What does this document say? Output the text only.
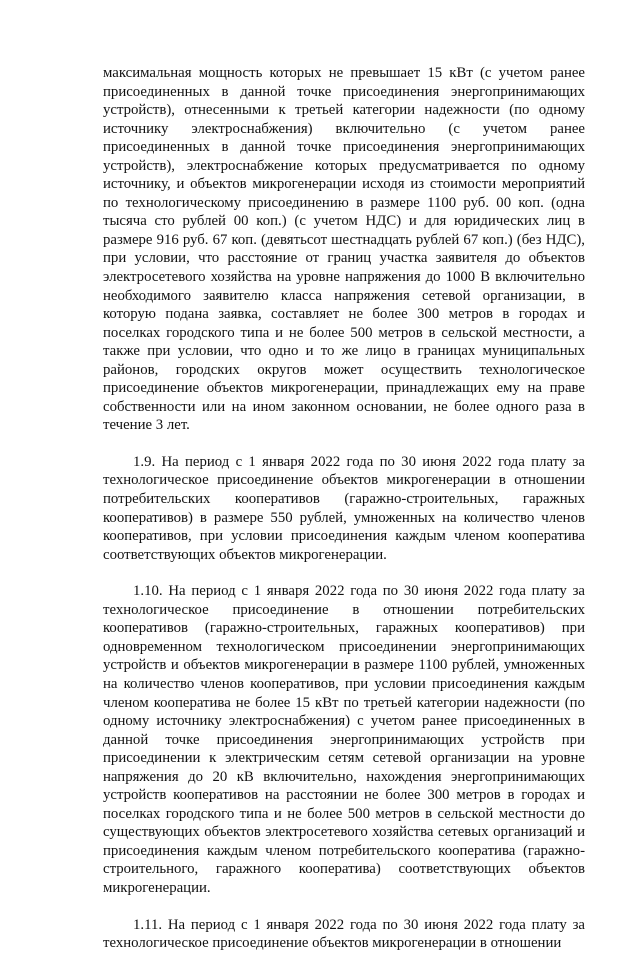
максимальная мощность которых не превышает 15 кВт (с учетом ранее присоединенных в данной точке присоединения энергопринимающих устройств), отнесенными к третьей категории надежности (по одному источнику электроснабжения) включительно (с учетом ранее присоединенных в данной точке присоединения энергопринимающих устройств), электроснабжение которых предусматривается по одному источнику, и объектов микрогенерации исходя из стоимости мероприятий по технологическому присоединению в размере 1100 руб. 00 коп. (одна тысяча сто рублей 00 коп.) (с учетом НДС) и для юридических лиц в размере 916 руб. 67 коп. (девятьсот шестнадцать рублей 67 коп.) (без НДС), при условии, что расстояние от границ участка заявителя до объектов электросетевого хозяйства на уровне напряжения до 1000 В включительно необходимого заявителю класса напряжения сетевой организации, в которую подана заявка, составляет не более 300 метров в городах и поселках городского типа и не более 500 метров в сельской местности, а также при условии, что одно и то же лицо в границах муниципальных районов, городских округов может осуществить технологическое присоединение объектов микрогенерации, принадлежащих ему на праве собственности или на ином законном основании, не более одного раза в течение 3 лет.

1.9. На период с 1 января 2022 года по 30 июня 2022 года плату за технологическое присоединение объектов микрогенерации в отношении потребительских кооперативов (гаражно-строительных, гаражных кооперативов) в размере 550 рублей, умноженных на количество членов кооперативов, при условии присоединения каждым членом кооператива соответствующих объектов микрогенерации.

1.10. На период с 1 января 2022 года по 30 июня 2022 года плату за технологическое присоединение в отношении потребительских кооперативов (гаражно-строительных, гаражных кооперативов) при одновременном технологическом присоединении энергопринимающих устройств и объектов микрогенерации в размере 1100 рублей, умноженных на количество членов кооперативов, при условии присоединения каждым членом кооператива не более 15 кВт по третьей категории надежности (по одному источнику электроснабжения) с учетом ранее присоединенных в данной точке присоединения энергопринимающих устройств при присоединении к электрическим сетям сетевой организации на уровне напряжения до 20 кВ включительно, нахождения энергопринимающих устройств кооперативов на расстоянии не более 300 метров в городах и поселках городского типа и не более 500 метров в сельской местности до существующих объектов электросетевого хозяйства сетевых организаций и присоединения каждым членом потребительского кооператива (гаражно-строительного, гаражного кооператива) соответствующих объектов микрогенерации.

1.11. На период с 1 января 2022 года по 30 июня 2022 года плату за технологическое присоединение объектов микрогенерации в отношении
